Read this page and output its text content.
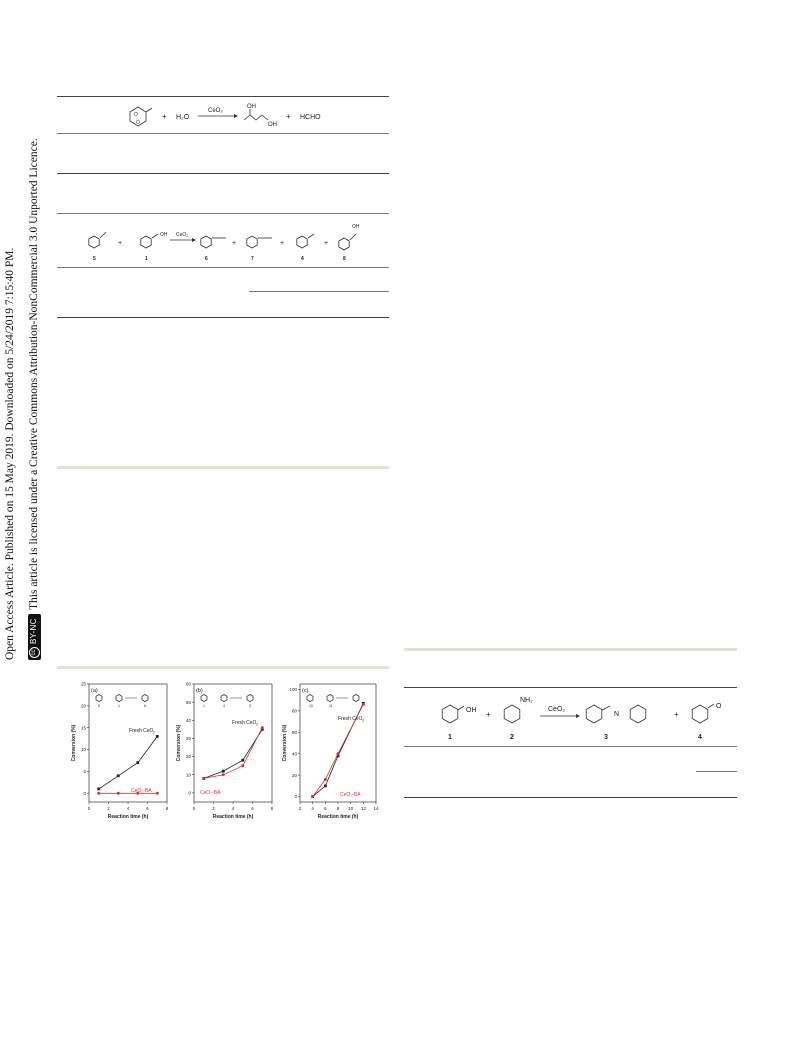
Open Access Article. Published on 15 May 2019. Downloaded on 5/24/2019 7:15:40 PM. This article is licensed under a Creative Commons Attribution-NonCommercial 3.0 Unported Licence.
cc
BY-NC
O
O
+ H₂O
CeO₂
OH
OH
+ HCHO
OH
+
CeO₂
+	+	+
OH
5	1	6	7	4	8
OH +
NH₂
CeO₂
N	+
O
1	2	3	4
0	2	4	6	8
0
5
10
15
20
25
Reaction time (h)
Conversion (%)
(a)
5	1	6
Fresh CeO 2
CeO₂-BA
0	2	4	6	8
0
10
20
30
40
50
60
Reaction time (h)
Conversion (%)
(b)
1	4	3
Fresh CeO 2
CeO₂-BA
2 4 6 8 10 12 14
0
20
40
60
80
100
Reaction time (h)
Conversion (%)
(c)
10	11
Fresh CeO 2
CeO₂-BA
